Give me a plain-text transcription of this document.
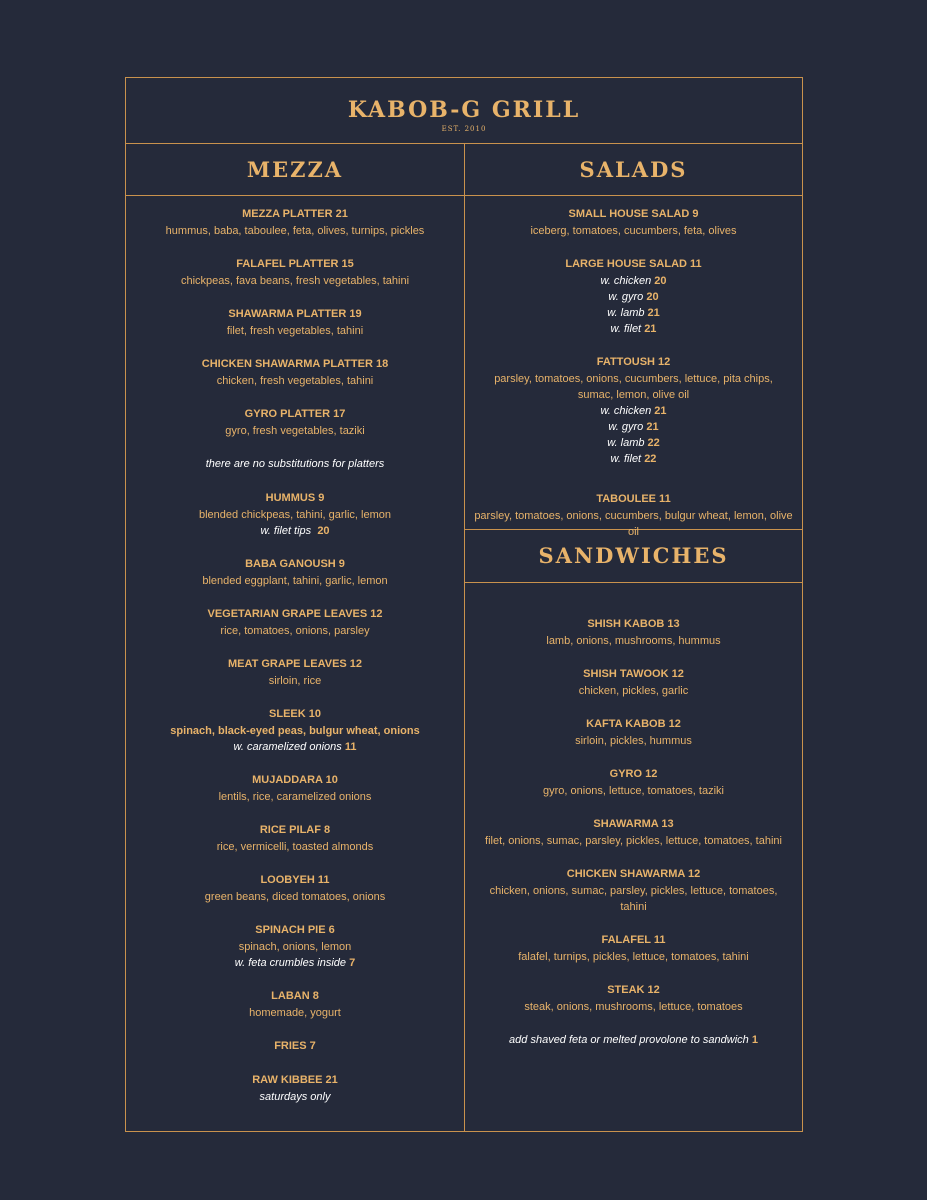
KABOB-G GRILL
EST. 2010
MEZZA	SALADS
SANDWICHES
MEZZA PLATTER 21
hummus, baba, taboulee, feta, olives, turnips, pickles
FALAFEL PLATTER 15
chickpeas, fava beans, fresh vegetables, tahini
SHAWARMA PLATTER 19
filet, fresh vegetables, tahini
CHICKEN SHAWARMA PLATTER 18
chicken, fresh vegetables, tahini
GYRO PLATTER 17
gyro, fresh vegetables, taziki
there are no substitutions for platters
HUMMUS 9
blended chickpeas, tahini, garlic, lemon
w. filet tips 20
BABA GANOUSH 9
blended eggplant, tahini, garlic, lemon
VEGETARIAN GRAPE LEAVES 12
rice, tomatoes, onions, parsley
MEAT GRAPE LEAVES 12
sirloin, rice
SLEEK 10
spinach, black-eyed peas, bulgur wheat, onions
w. caramelized onions 11
MUJADDARA 10
lentils, rice, caramelized onions
RICE PILAF 8
rice, vermicelli, toasted almonds
LOOBYEH 11
green beans, diced tomatoes, onions
SPINACH PIE 6
spinach, onions, lemon
w. feta crumbles inside 7
LABAN 8
homemade, yogurt
FRIES 7
RAW KIBBEE 21
saturdays only
SMALL HOUSE SALAD 9
iceberg, tomatoes, cucumbers, feta, olives
LARGE HOUSE SALAD 11
w. chicken 20
w. gyro 20
w. lamb 21
w. filet 21
FATTOUSH 12
parsley, tomatoes, onions, cucumbers, lettuce, pita chips, sumac, lemon, olive oil
w. chicken 21
w. gyro 21
w. lamb 22
w. filet 22
TABOULEE 11
parsley, tomatoes, onions, cucumbers, bulgur wheat, lemon, olive oil
SHISH KABOB 13
lamb, onions, mushrooms, hummus
SHISH TAWOOK 12
chicken, pickles, garlic
KAFTA KABOB 12
sirloin, pickles, hummus
GYRO 12
gyro, onions, lettuce, tomatoes, taziki
SHAWARMA 13
filet, onions, sumac, parsley, pickles, lettuce, tomatoes, tahini
CHICKEN SHAWARMA 12
chicken, onions, sumac, parsley, pickles, lettuce, tomatoes, tahini
FALAFEL 11
falafel, turnips, pickles, lettuce, tomatoes, tahini
STEAK 12
steak, onions, mushrooms, lettuce, tomatoes
add shaved feta or melted provolone to sandwich 1
